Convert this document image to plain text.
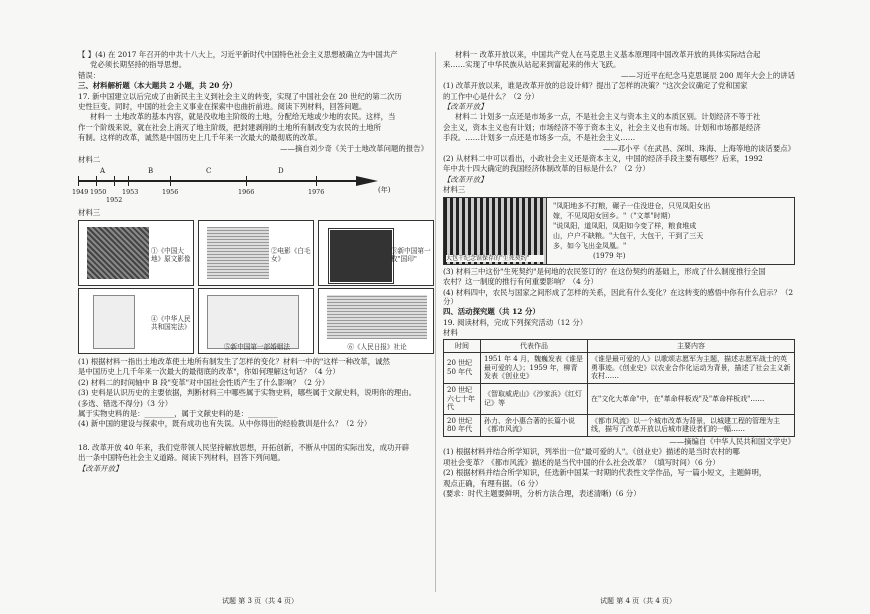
【 】(4) 在 2017 年召开的中共十八大上，习近平新时代中国特色社会主义思想被确立为中国共产

党必须长期坚持的指导思想。

错误：

三、材料解析题（本大题共 2 小题，共 20 分）

17. 新中国建立以后完成了由新民主主义到社会主义的转变，实现了中国社会在 20 世纪的第二次历

史性巨变。同时，中国的社会主义事业在探索中也曲折前进。阅读下列材料，回答问题。

材料一 土地改革的基本内容，就是没收地主阶级的土地，分配给无地或少地的农民。这样，当

作一个阶级来说，就在社会上消灭了地主阶级，把封建剥削的土地所有制改变为农民的土地所

有制。这样的改革，诚然是中国历史上几千年来一次最大的最彻底的改革。

——摘自刘少奇《关于土地改革问题的报告》

材料二

A	B	C	D
1949 1950
1952
1953	1956	1966	1976	(年)

材料三

①《中国大地》原文影像
②电影《白毛女》
③新中国第一枚"国印"
④《中华人民共和国宪法》
⑤新中国第一部婚姻法	⑥《人民日报》社论

(1) 根据材料一指出土地改革使土地所有制发生了怎样的变化？材料一中的"这样一种改革，诚然

是中国历史上几千年来一次最大的最彻底的改革"，你如何理解这句话？（4 分）

(2) 材料二的时间轴中 B 段"变革"对中国社会性质产生了什么影响？（2 分）

(3) 史料是认识历史的主要依据，判断材料三中哪些属于实物史料，哪些属于文献史料，说明你的理由。

(多选、错选不得分)（3 分）

属于实物史料的是：________，属于文献史料的是：________

(4) 新中国的建设与探索中，既有成功也有失误。从中你得出的经验教训是什么？（2 分）

18. 改革开放 40 年来，我们党带领人民坚持解放思想，开拓创新，不断从中国的实际出发，成功开辟

出一条中国特色社会主义道路。阅读下列材料，回答下列问题。

【改革开放】

材料一 改革开放以来，中国共产党人在马克思主义基本原理同中国改革开放的具体实际结合起

来……实现了中华民族从站起来到富起来的伟大飞跃。

——习近平在纪念马克思诞辰 200 周年大会上的讲话

(1) 改革开放以来，谁是改革开放的总设计师？提出了怎样的决策？"这次会议确定了党和国家

的工作中心是什么？（2 分）

【改革开放】

材料二 计划多一点还是市场多一点，不是社会主义与资本主义的本质区别。计划经济不等于社

会主义，资本主义也有计划；市场经济不等于资本主义，社会主义也有市场。计划和市场都是经济

手段。……计划多一点还是市场多一点，不是社会主义……

——邓小平《在武昌、深圳、珠海、上海等地的谈话要点》

(2) 从材料二中可以看出，小政社会主义还是资本主义，中国的经济手段主要有哪些？后来，1992

年中共十四大确定的我国经济体制改革的目标是什么？（2 分）

【改革开放】

材料三

大包干纪念馆保存的"生死契约"

"凤阳地多不打粮，碾子一住没进仓，只见凤阳女出

嫁，不见凤阳女回乡。"（"文革"时期）

"说凤阳，道凤阳，凤阳如今变了样，粮食堆成

山，户户不缺粮。"大包干，大包干，干到了三天

多，如今飞出金凤凰。"

(1979 年)

(3) 材料三中这份"生死契约"是何地的农民签订的？在这份契约的基础上，形成了什么制度推行全国

农村？这一制度的推行有何重要影响？（4 分）

(4) 材料四中，农民与国家之间形成了怎样的关系，因此有什么变化？在这转变的感悟中你有什么启示？（2 分）

四、活动探究题（共 12 分）

19. 阅读材料，完成下列探究活动（12 分）

材料

时间	代表作品	主要内容
20 世纪 50 年代	1951 年 4 月，魏巍发表《谁是最可爱的人》；1959 年，柳青发表《创业史》	《谁是最可爱的人》以歌颂志愿军为主题，描述志愿军战士的英勇事迹。《创业史》以农业合作化运动为背景，描述了社会主义新农村……
20 世纪六七十年代	《智取威虎山》《沙家浜》《红灯记》等	在"文化大革命"中，在"革命样板戏"及"革命样板戏"……
20 世纪 80 年代	孙力、余小惠合著的长篇小说《都市风流》	《都市风流》以一个城市改革为背景，以城建工程的管理为主线，描写了改革开放以后城市建设者们的一幅……

——摘编自《中华人民共和国文学史》

(1) 根据材料并结合所学知识，列举出一位"最可爱的人"。《创业史》描述的是当时农村的哪

项社会变革？《都市风流》描述的是当代中国的什么社会改革？（填写时间）（6 分）

(2) 根据材料并结合所学知识，任选新中国某一时期的代表性文学作品，写一篇小短文，主题鲜明，

观点正确，有理有据。（6 分）

(要求：时代主题要鲜明，分析方法合理，表述清晰)（6 分）

试题 第 3 页（共 4 页）	试题 第 4 页（共 4 页）
